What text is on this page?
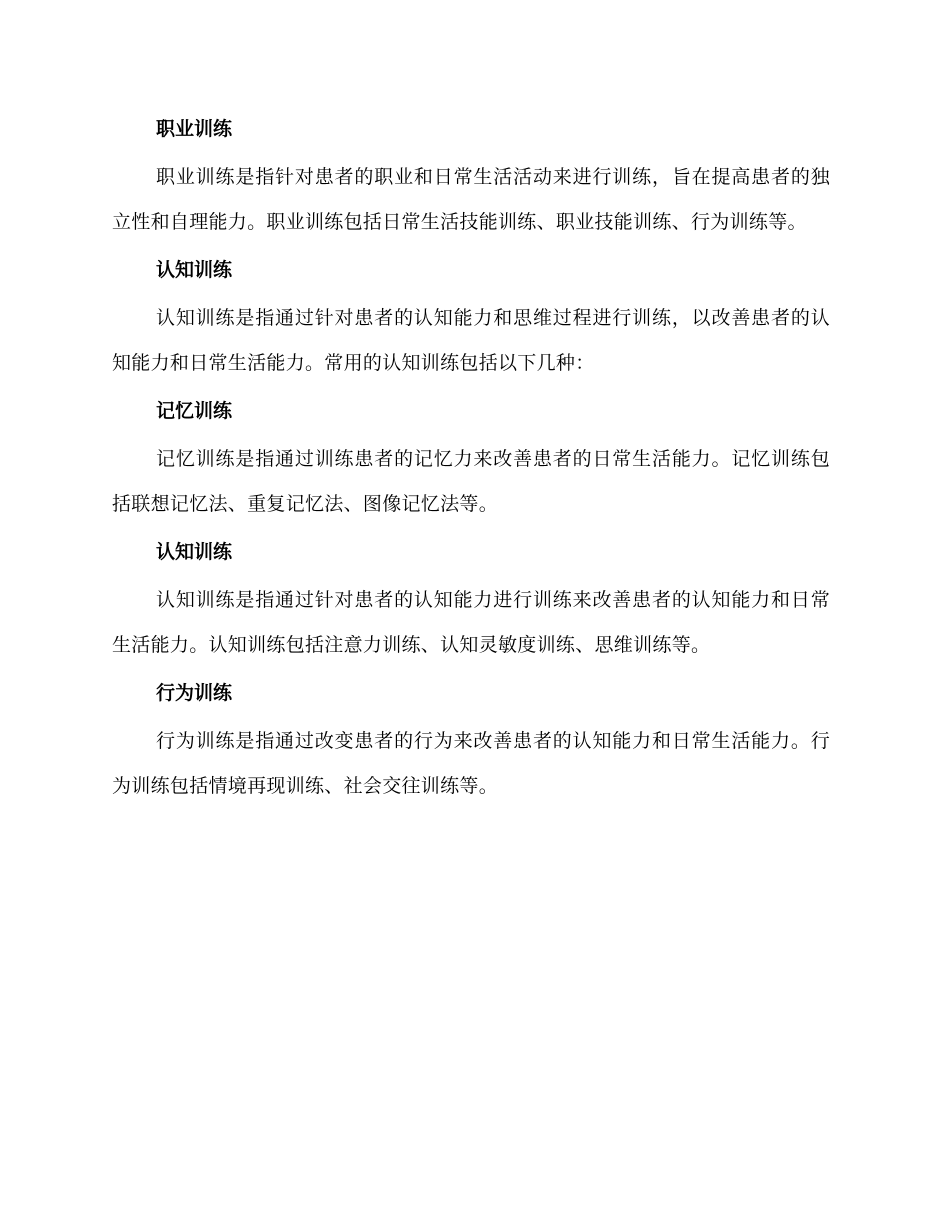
职业训练

职业训练是指针对患者的职业和日常生活活动来进行训练，旨在提高患者的独立性和自理能力。职业训练包括日常生活技能训练、职业技能训练、行为训练等。

认知训练

认知训练是指通过针对患者的认知能力和思维过程进行训练，以改善患者的认知能力和日常生活能力。常用的认知训练包括以下几种：

记忆训练

记忆训练是指通过训练患者的记忆力来改善患者的日常生活能力。记忆训练包括联想记忆法、重复记忆法、图像记忆法等。

认知训练

认知训练是指通过针对患者的认知能力进行训练来改善患者的认知能力和日常生活能力。认知训练包括注意力训练、认知灵敏度训练、思维训练等。

行为训练

行为训练是指通过改变患者的行为来改善患者的认知能力和日常生活能力。行为训练包括情境再现训练、社会交往训练等。
